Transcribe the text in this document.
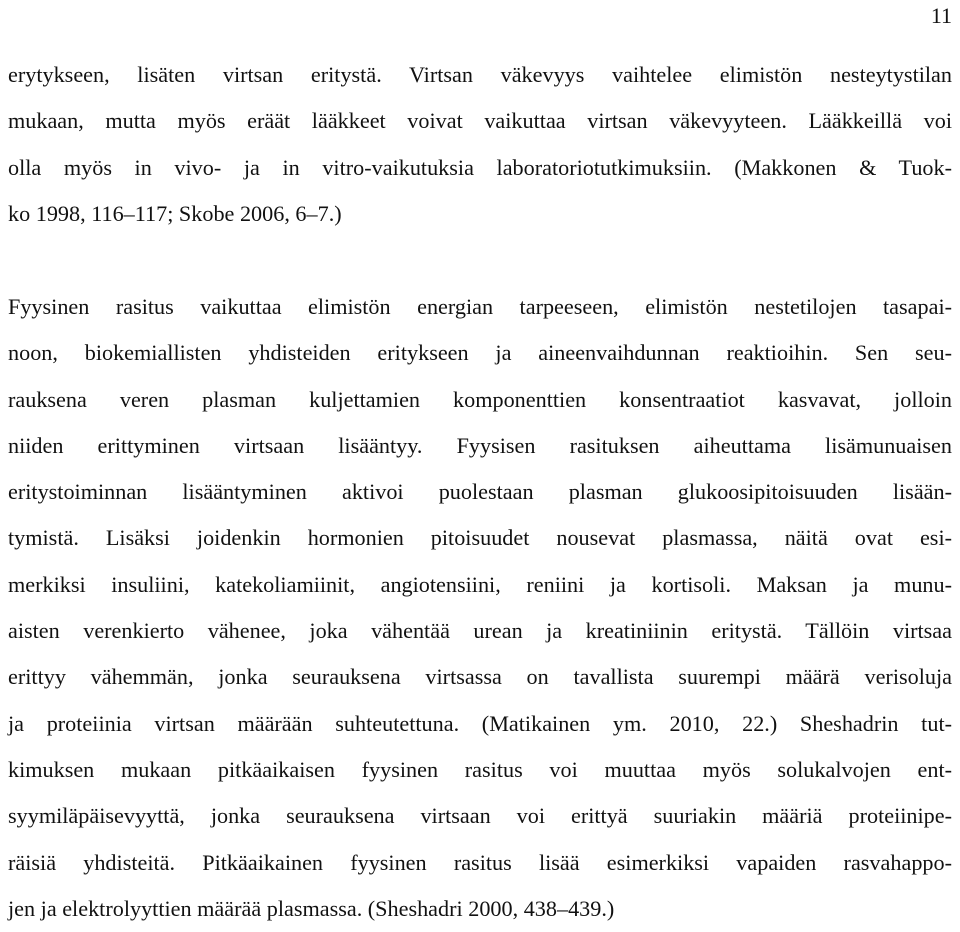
11
erytykseen, lisäten virtsan eritystä. Virtsan väkevyys vaihtelee elimistön nesteytystilan
mukaan, mutta myös eräät lääkkeet voivat vaikuttaa virtsan väkevyyteen. Lääkkeillä voi
olla myös in vivo- ja in vitro-vaikutuksia laboratoriotutkimuksiin. (Makkonen & Tuok-
ko 1998, 116–117; Skobe 2006, 6–7.)
Fyysinen rasitus vaikuttaa elimistön energian tarpeeseen, elimistön nestetilojen tasapai-
noon, biokemiallisten yhdisteiden eritykseen ja aineenvaihdunnan reaktioihin. Sen seu-
rauksena veren plasman kuljettamien komponenttien konsentraatiot kasvavat, jolloin
niiden erittyminen virtsaan lisääntyy. Fyysisen rasituksen aiheuttama lisämunuaisen
eritystoiminnan lisääntyminen aktivoi puolestaan plasman glukoosipitoisuuden lisään-
tymistä. Lisäksi joidenkin hormonien pitoisuudet nousevat plasmassa, näitä ovat esi-
merkiksi insuliini, katekoliamiinit, angiotensiini, reniini ja kortisoli. Maksan ja munu-
aisten verenkierto vähenee, joka vähentää urean ja kreatiniinin eritystä. Tällöin virtsaa
erittyy vähemmän, jonka seurauksena virtsassa on tavallista suurempi määrä verisoluja
ja proteiinia virtsan määrään suhteutettuna. (Matikainen ym. 2010, 22.) Sheshadrin tut-
kimuksen mukaan pitkäaikaisen fyysinen rasitus voi muuttaa myös solukalvojen ent-
syymiläpäisevyyttä, jonka seurauksena virtsaan voi erittyä suuriakin määriä proteiinipe-
räisiä yhdisteitä. Pitkäaikainen fyysinen rasitus lisää esimerkiksi vapaiden rasvahappo-
jen ja elektrolyyttien määrää plasmassa. (Sheshadri 2000, 438–439.)
